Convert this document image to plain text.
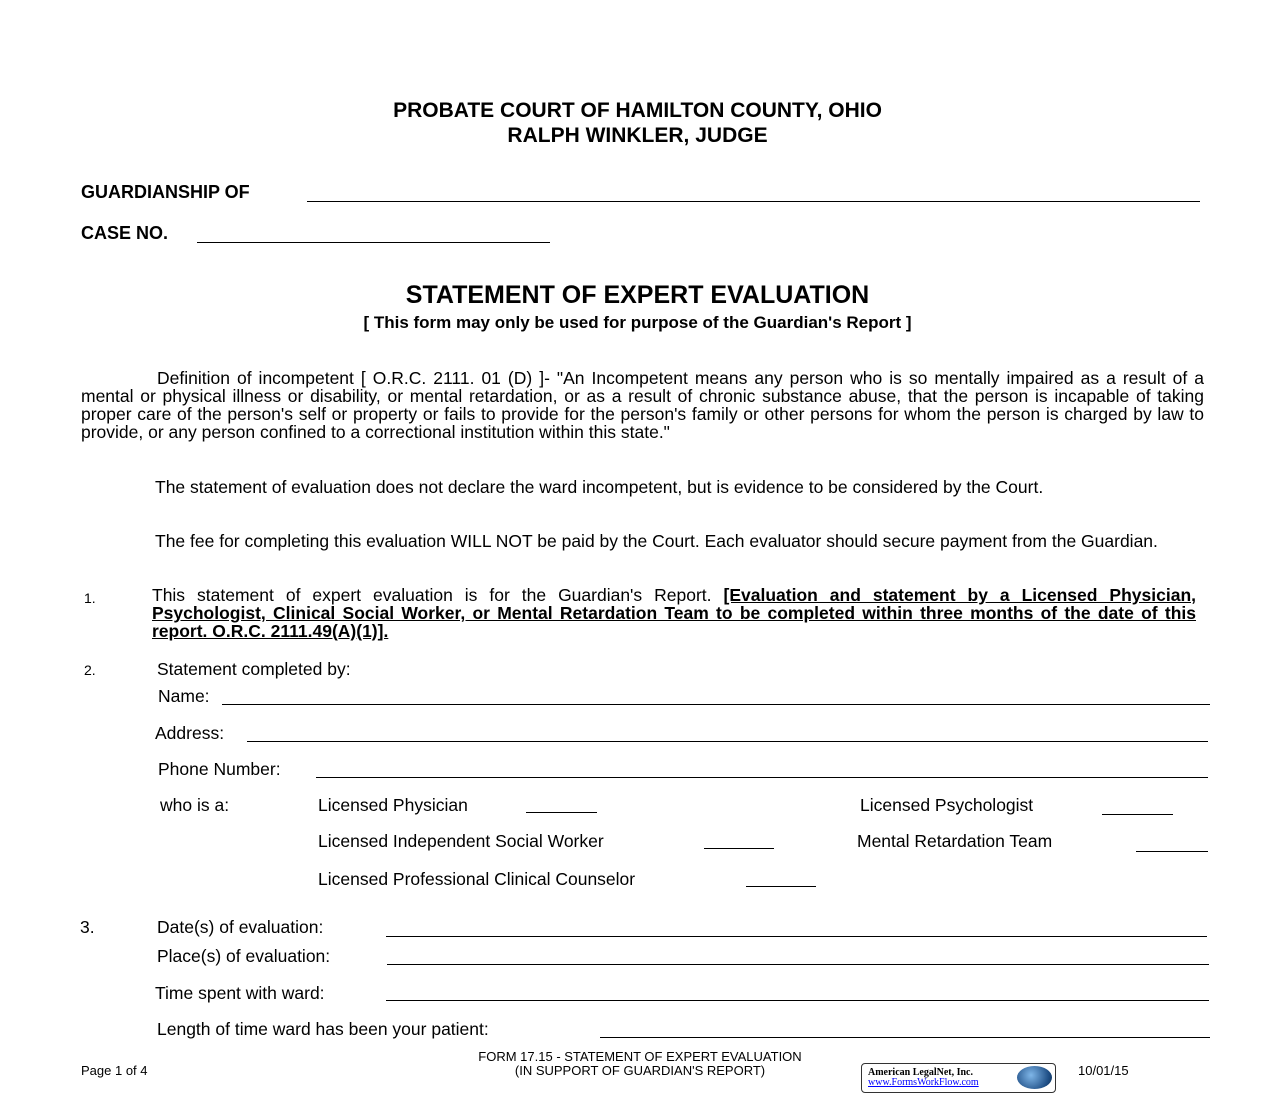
PROBATE COURT OF HAMILTON COUNTY, OHIO
RALPH WINKLER, JUDGE
GUARDIANSHIP OF
CASE NO.
STATEMENT OF EXPERT EVALUATION
[ This form may only be used for purpose of the Guardian's Report ]
Definition of incompetent [ O.R.C. 2111. 01 (D) ]- "An Incompetent means any person who is so mentally impaired as a result of a mental or physical illness or disability, or mental retardation, or as a result of chronic substance abuse, that the person is incapable of taking proper care of the person's self or property or fails to provide for the person's family or other persons for whom the person is charged by law to provide, or any person confined to a correctional institution within this state."
The statement of evaluation does not declare the ward incompetent, but is evidence to be considered by the Court.
The fee for completing this evaluation WILL NOT be paid by the Court. Each evaluator should secure payment from the Guardian.
1.	This statement of expert evaluation is for the Guardian's Report. [Evaluation and statement by a Licensed Physician, Psychologist, Clinical Social Worker, or Mental Retardation Team to be completed within three months of the date of this report. O.R.C. 2111.49(A)(1)].
2.	Statement completed by:
Name:
Address:
Phone Number:
who is a:	Licensed Physician	Licensed Psychologist
Licensed Independent Social Worker	Mental Retardation Team
Licensed Professional Clinical Counselor
3.	Date(s) of evaluation:
Place(s) of evaluation:
Time spent with ward:
Length of time ward has been your patient:
Page 1 of 4
FORM 17.15 - STATEMENT OF EXPERT EVALUATION
(IN SUPPORT OF GUARDIAN'S REPORT)	American LegalNet, Inc.
www.FormsWorkFlow.com
10/01/15
